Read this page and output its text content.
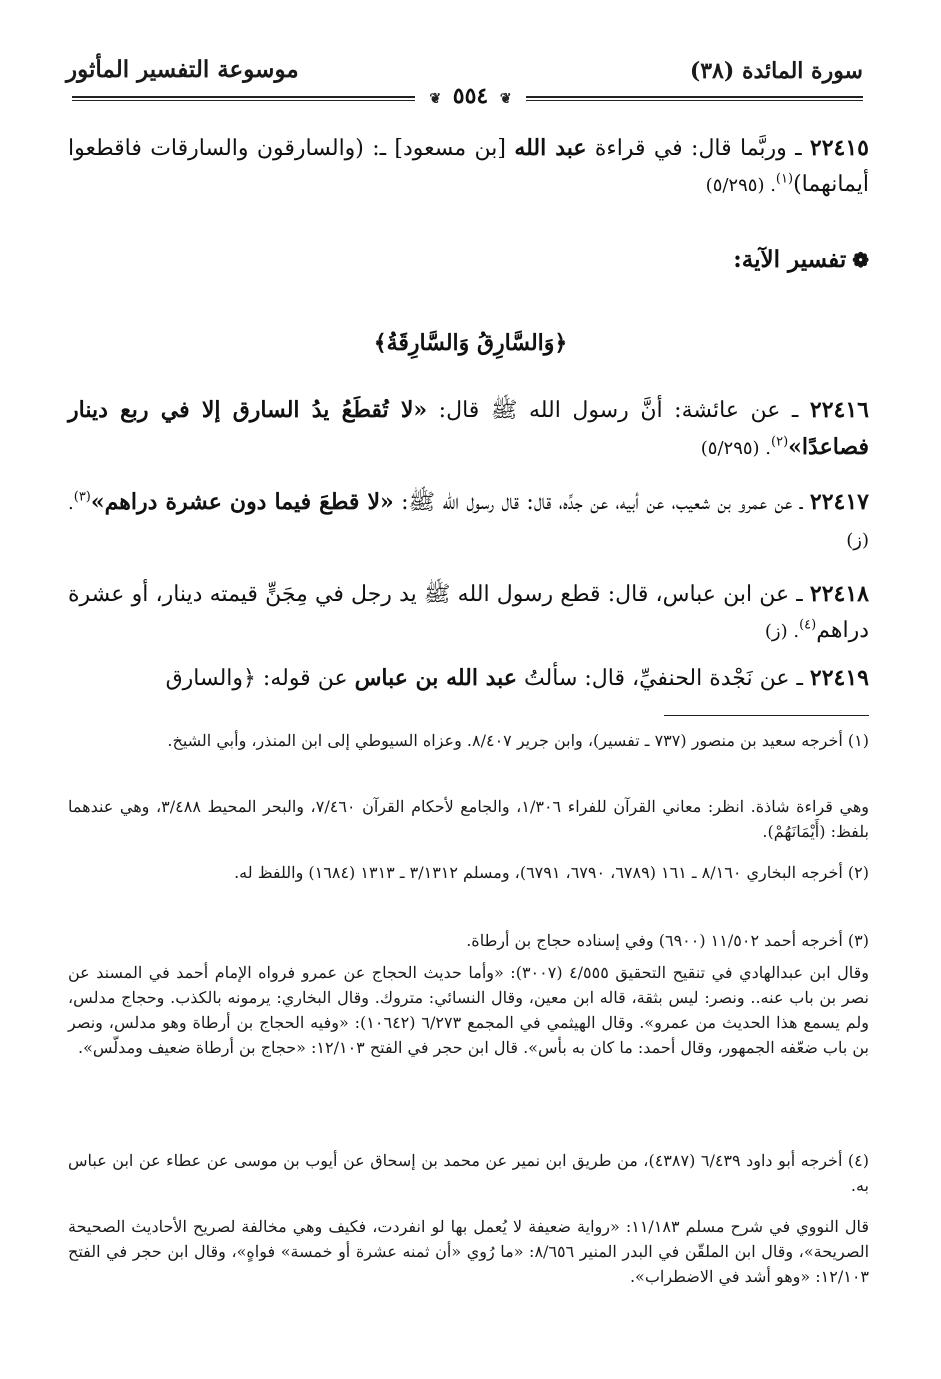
سورة المائدة (٣٨)
موسوعة التفسير المأثور
❦ ٥٥٤ ❦
٢٢٤١٥ ـ وربَّما قال: في قراءة عبد الله [بن مسعود] ـ: (والسارقون والسارقات فاقطعوا أيمانهما)$^{(١)}$. (٥/٢٩٥)
❁تفسير الآية:
﴿وَالسَّارِقُ وَالسَّارِقَةُ﴾
٢٢٤١٦ ـ عن عائشة: أنَّ رسول الله ﷺ قال: «لا تُقطَعُ يدُ السارق إلا في ربع دينار فصاعدًا»$^{(٢)}$. (٥/٢٩٥)
٢٢٤١٧ ـ عن عمرو بن شعيب، عن أبيه، عن جدِّه، قال: قال رسول الله ﷺ: «لا قطعَ فيما دون عشرة دراهم»$^{(٣)}$. (ز)
٢٢٤١٨ ـ عن ابن عباس، قال: قطع رسول الله ﷺ يد رجل في مِجَنٍّ قيمته دينار، أو عشرة دراهم$^{(٤)}$. (ز)
٢٢٤١٩ ـ عن نَجْدة الحنفيِّ، قال: سألتُ عبد الله بن عباس عن قوله: ﴿والسارق
(١) أخرجه سعيد بن منصور (٧٣٧ ـ تفسير)، وابن جرير ٨/٤٠٧. وعزاه السيوطي إلى ابن المنذر، وأبي الشيخ.
وهي قراءة شاذة. انظر: معاني القرآن للفراء ١/٣٠٦، والجامع لأحكام القرآن ٧/٤٦٠، والبحر المحيط ٣/٤٨٨، وهي عندهما بلفظ: (أَيْمَانَهُمْ).
(٢) أخرجه البخاري ٨/١٦٠ ـ ١٦١ (٦٧٨٩، ٦٧٩٠، ٦٧٩١)، ومسلم ٣/١٣١٢ ـ ١٣١٣ (١٦٨٤) واللفظ له.
(٣) أخرجه أحمد ١١/٥٠٢ (٦٩٠٠) وفي إسناده حجاج بن أرطاة.
وقال ابن عبدالهادي في تنقيح التحقيق ٤/٥٥٥ (٣٠٠٧): «وأما حديث الحجاج عن عمرو فرواه الإمام أحمد في المسند عن نصر بن باب عنه.. ونصر: ليس بثقة، قاله ابن معين، وقال النسائي: متروك. وقال البخاري: يرمونه بالكذب. وحجاج مدلس، ولم يسمع هذا الحديث من عمرو». وقال الهيثمي في المجمع ٦/٢٧٣ (١٠٦٤٢): «وفيه الحجاج بن أرطاة وهو مدلس، ونصر بن باب ضعّفه الجمهور، وقال أحمد: ما كان به بأس». قال ابن حجر في الفتح ١٢/١٠٣: «حجاج بن أرطاة ضعيف ومدلّس».
(٤) أخرجه أبو داود ٦/٤٣٩ (٤٣٨٧)، من طريق ابن نمير عن محمد بن إسحاق عن أيوب بن موسى عن عطاء عن ابن عباس به.
قال النووي في شرح مسلم ١١/١٨٣: «رواية ضعيفة لا يُعمل بها لو انفردت، فكيف وهي مخالفة لصريح الأحاديث الصحيحة الصريحة»، وقال ابن الملقّن في البدر المنير ٨/٦٥٦: «ما رُوي «أن ثمنه عشرة أو خمسة» فواهٍ»، وقال ابن حجر في الفتح ١٢/١٠٣: «وهو أشد في الاضطراب».
